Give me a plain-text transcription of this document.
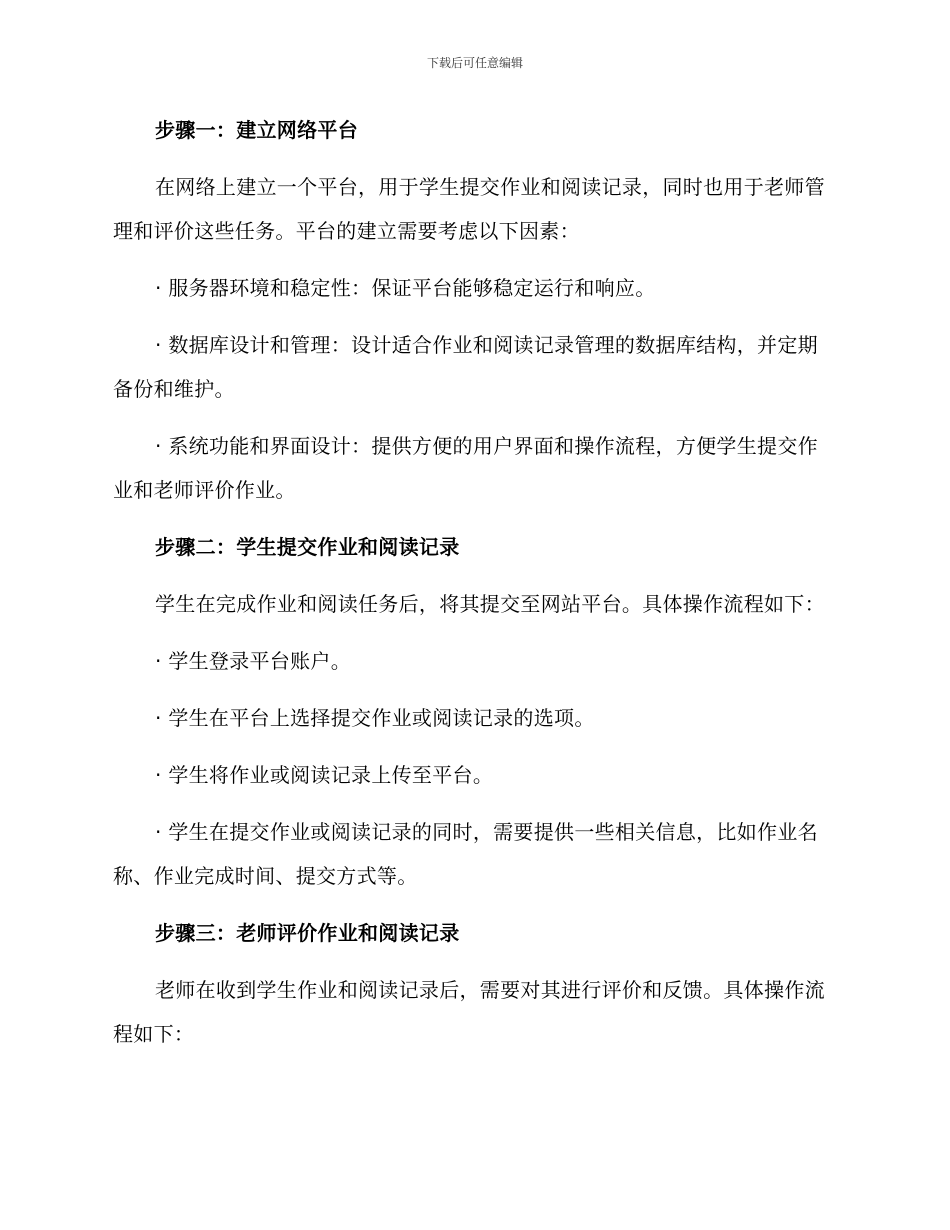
下载后可任意编辑

步骤一：建立网络平台

在网络上建立一个平台，用于学生提交作业和阅读记录，同时也用于老师管理和评价这些任务。平台的建立需要考虑以下因素：

· 服务器环境和稳定性：保证平台能够稳定运行和响应。

· 数据库设计和管理：设计适合作业和阅读记录管理的数据库结构，并定期备份和维护。

· 系统功能和界面设计：提供方便的用户界面和操作流程，方便学生提交作业和老师评价作业。

步骤二：学生提交作业和阅读记录

学生在完成作业和阅读任务后，将其提交至网站平台。具体操作流程如下：

· 学生登录平台账户。

· 学生在平台上选择提交作业或阅读记录的选项。

· 学生将作业或阅读记录上传至平台。

· 学生在提交作业或阅读记录的同时，需要提供一些相关信息，比如作业名称、作业完成时间、提交方式等。

步骤三：老师评价作业和阅读记录

老师在收到学生作业和阅读记录后，需要对其进行评价和反馈。具体操作流程如下：
